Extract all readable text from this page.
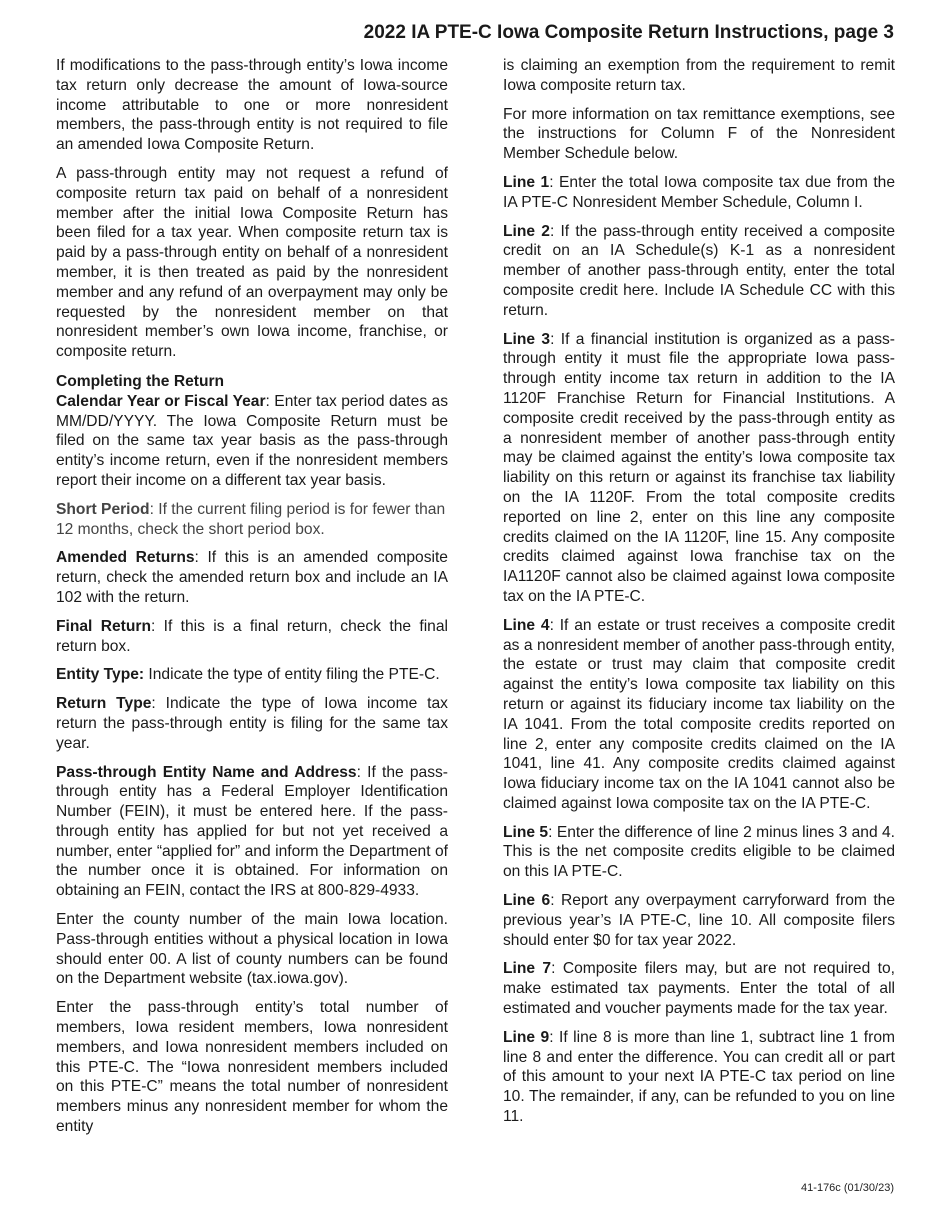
2022 IA PTE-C Iowa Composite Return Instructions, page 3

If modifications to the pass-through entity’s Iowa income tax return only decrease the amount of Iowa-source income attributable to one or more nonresident members, the pass-through entity is not required to file an amended Iowa Composite Return.

A pass-through entity may not request a refund of composite return tax paid on behalf of a nonresident member after the initial Iowa Composite Return has been filed for a tax year. When composite return tax is paid by a pass-through entity on behalf of a nonresident member, it is then treated as paid by the nonresident member and any refund of an overpayment may only be requested by the nonresident member on that nonresident member’s own Iowa income, franchise, or composite return.

Completing the Return

Calendar Year or Fiscal Year: Enter tax period dates as MM/DD/YYYY. The Iowa Composite Return must be filed on the same tax year basis as the pass-through entity’s income return, even if the nonresident members report their income on a different tax year basis.

Short Period: If the current filing period is for fewer than 12 months, check the short period box.

Amended Returns: If this is an amended composite return, check the amended return box and include an IA 102 with the return.

Final Return: If this is a final return, check the final return box.

Entity Type: Indicate the type of entity filing the PTE-C.

Return Type: Indicate the type of Iowa income tax return the pass-through entity is filing for the same tax year.

Pass-through Entity Name and Address: If the pass-through entity has a Federal Employer Identification Number (FEIN), it must be entered here. If the pass-through entity has applied for but not yet received a number, enter “applied for” and inform the Department of the number once it is obtained. For information on obtaining an FEIN, contact the IRS at 800-829-4933.

Enter the county number of the main Iowa location. Pass-through entities without a physical location in Iowa should enter 00. A list of county numbers can be found on the Department website (tax.iowa.gov).

Enter the pass-through entity’s total number of members, Iowa resident members, Iowa nonresident members, and Iowa nonresident members included on this PTE-C. The “Iowa nonresident members included on this PTE-C” means the total number of nonresident members minus any nonresident member for whom the entity

is claiming an exemption from the requirement to remit Iowa composite return tax.

For more information on tax remittance exemptions, see the instructions for Column F of the Nonresident Member Schedule below.

Line 1: Enter the total Iowa composite tax due from the IA PTE-C Nonresident Member Schedule, Column I.

Line 2: If the pass-through entity received a composite credit on an IA Schedule(s) K-1 as a nonresident member of another pass-through entity, enter the total composite credit here. Include IA Schedule CC with this return.

Line 3: If a financial institution is organized as a pass-through entity it must file the appropriate Iowa pass-through entity income tax return in addition to the IA 1120F Franchise Return for Financial Institutions. A composite credit received by the pass-through entity as a nonresident member of another pass-through entity may be claimed against the entity’s Iowa composite tax liability on this return or against its franchise tax liability on the IA 1120F. From the total composite credits reported on line 2, enter on this line any composite credits claimed on the IA 1120F, line 15. Any composite credits claimed against Iowa franchise tax on the IA1120F cannot also be claimed against Iowa composite tax on the IA PTE-C.

Line 4: If an estate or trust receives a composite credit as a nonresident member of another pass-through entity, the estate or trust may claim that composite credit against the entity’s Iowa composite tax liability on this return or against its fiduciary income tax liability on the IA 1041. From the total composite credits reported on line 2, enter any composite credits claimed on the IA 1041, line 41. Any composite credits claimed against Iowa fiduciary income tax on the IA 1041 cannot also be claimed against Iowa composite tax on the IA PTE-C.

Line 5: Enter the difference of line 2 minus lines 3 and 4. This is the net composite credits eligible to be claimed on this IA PTE-C.

Line 6: Report any overpayment carryforward from the previous year’s IA PTE-C, line 10. All composite filers should enter $0 for tax year 2022.

Line 7: Composite filers may, but are not required to, make estimated tax payments. Enter the total of all estimated and voucher payments made for the tax year.

Line 9: If line 8 is more than line 1, subtract line 1 from line 8 and enter the difference. You can credit all or part of this amount to your next IA PTE-C tax period on line 10. The remainder, if any, can be refunded to you on line 11.

41-176c (01/30/23)
